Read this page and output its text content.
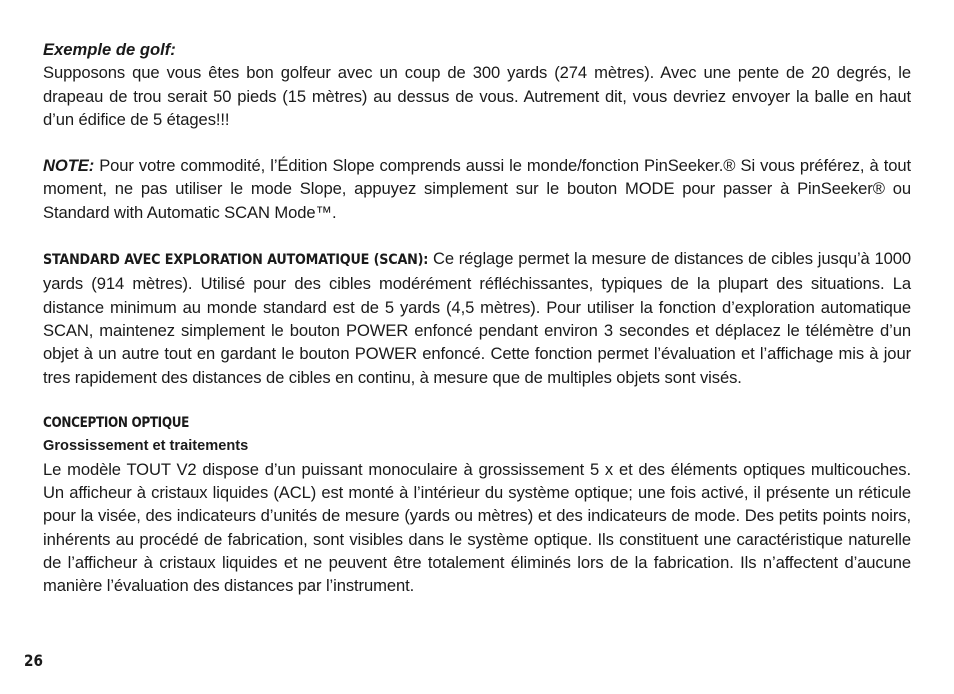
Exemple de golf:

Supposons que vous êtes bon golfeur avec un coup de 300 yards (274 mètres). Avec une pente de 20 degrés, le drapeau de trou serait 50 pieds (15 mètres) au dessus de vous. Autrement dit, vous devriez envoyer la balle en haut d’un édifice de 5 étages!!!

NOTE: Pour votre commodité, l’Édition Slope comprends aussi le monde/fonction PinSeeker.® Si vous préférez, à tout moment, ne pas utiliser le mode Slope, appuyez simplement sur le bouton MODE pour passer à PinSeeker® ou Standard with Automatic SCAN Mode™.

STANDARD AVEC EXPLORATION AUTOMATIQUE (SCAN): Ce réglage permet la mesure de distances de cibles jusqu’à 1000 yards (914 mètres). Utilisé pour des cibles modérément réfléchissantes, typiques de la plupart des situations. La distance minimum au monde standard est de 5 yards (4,5 mètres). Pour utiliser la fonction d’exploration automatique SCAN, maintenez simplement le bouton POWER enfoncé pendant environ 3 secondes et déplacez le télémètre d’un objet à un autre tout en gardant le bouton POWER enfoncé. Cette fonction permet l’évaluation et l’affichage mis à jour tres rapidement des distances de cibles en continu, à mesure que de multiples objets sont visés.

CONCEPTION OPTIQUE

Grossissement et traitements

Le modèle TOUT V2 dispose d’un puissant monoculaire à grossissement 5 x et des éléments optiques multicouches. Un afficheur à cristaux liquides (ACL) est monté à l’intérieur du système optique; une fois activé, il présente un réticule pour la visée, des indicateurs d’unités de mesure (yards ou mètres) et des indicateurs de mode. Des petits points noirs, inhérents au procédé de fabrication, sont visibles dans le système optique. Ils constituent une caractéristique naturelle de l’afficheur à cristaux liquides et ne peuvent être totalement éliminés lors de la fabrication. Ils n’affectent d’aucune manière l’évaluation des distances par l’instrument.

26
